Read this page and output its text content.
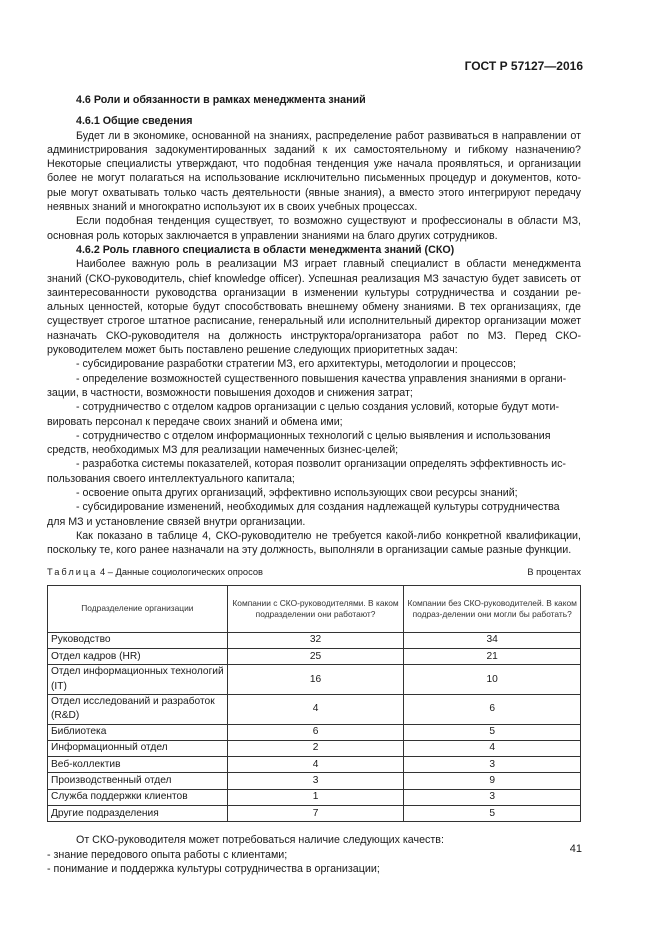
ГОСТ Р 57127—2016

4.6 Роли и обязанности в рамках менеджмента знаний

4.6.1 Общие сведения

Будет ли в экономике, основанной на знаниях, распределение работ развиваться в направлении от администрирования задокументированных заданий к их самостоятельному и гибкому назначению? Некоторые специалисты утверждают, что подобная тенденция уже начала проявляться, и организации более не могут полагаться на использование исключительно письменных процедур и документов, кото- рые могут охватывать только часть деятельности (явные знания), а вместо этого интегрируют передачу неявных знаний и многократно используют их в своих учебных процессах.

Если подобная тенденция существует, то возможно существуют и профессионалы в области МЗ, основная роль которых заключается в управлении знаниями на благо других сотрудников.

4.6.2 Роль главного специалиста в области менеджмента знаний (СКО)

Наиболее важную роль в реализации МЗ играет главный специалист в области менеджмента знаний (СКО-руководитель, chief knowledge officer). Успешная реализация МЗ зачастую будет зависеть от заинтересованности руководства организации в изменении культуры сотрудничества и создании ре- альных ценностей, которые будут способствовать внешнему обмену знаниями. В тех организациях, где существует строгое штатное расписание, генеральный или исполнительный директор организации может назначать СКО-руководителя на должность инструктора/организатора работ по МЗ. Перед СКО- руководителем может быть поставлено решение следующих приоритетных задач:

- субсидирование разработки стратегии МЗ, его архитектуры, методологии и процессов;

- определение возможностей существенного повышения качества управления знаниями в органи-

зации, в частности, возможности повышения доходов и снижения затрат;

- сотрудничество с отделом кадров организации с целью создания условий, которые будут моти-

вировать персонал к передаче своих знаний и обмена ими;

- сотрудничество с отделом информационных технологий с целью выявления и использования

средств, необходимых МЗ для реализации намеченных бизнес-целей;

- разработка системы показателей, которая позволит организации определять эффективность ис-

пользования своего интеллектуального капитала;

- освоение опыта других организаций, эффективно использующих свои ресурсы знаний;

- субсидирование изменений, необходимых для создания надлежащей культуры сотрудничества

для МЗ и установление связей внутри организации.

Как показано в таблице 4, СКО-руководителю не требуется какой-либо конкретной квалификации, поскольку те, кого ранее назначали на эту должность, выполняли в организации самые разные функции.

Таблица 4 – Данные социологических опросов	В процентах
Подразделение организации	Компании с СКО-руководителями. В каком подразделении они работают?	Компании без СКО-руководителей. В каком подраз-делении они могли бы работать?
Руководство	32	34
Отдел кадров (HR)	25	21
Отдел информационных технологий (IT)	16	10
Отдел исследований и разработок (R&D)	4	6
Библиотека	6	5
Информационный отдел	2	4
Веб-коллектив	4	3
Производственный отдел	3	9
Служба поддержки клиентов	1	3
Другие подразделения	7	5

От СКО-руководителя может потребоваться наличие следующих качеств:

- знание передового опыта работы с клиентами;

- понимание и поддержка культуры сотрудничества в организации;

41
